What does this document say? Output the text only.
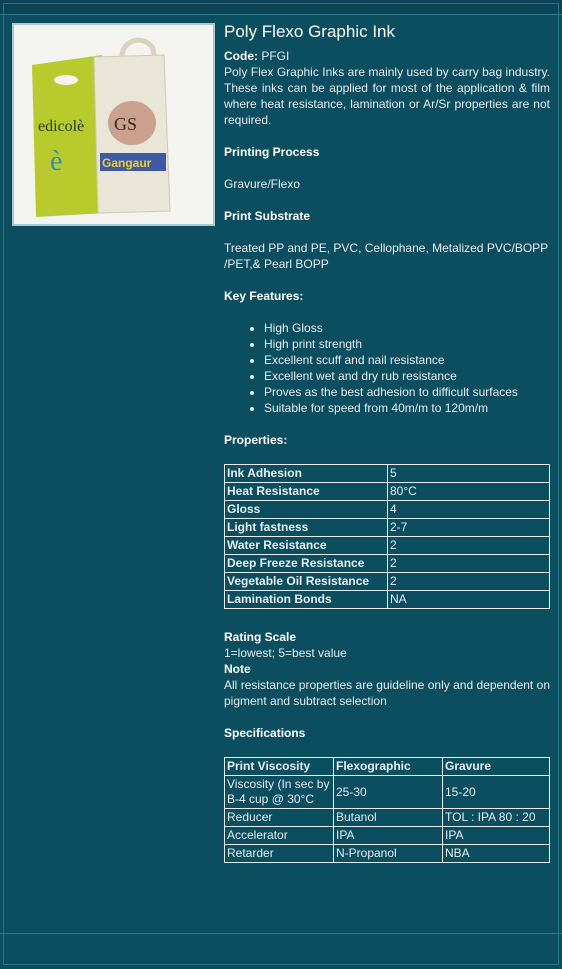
edicolè
è
GS
Gangaur
Poly Flexo Graphic Ink
Code: PFGI

Poly Flex Graphic Inks are mainly used by carry bag industry. These inks can be applied for most of the application & film where heat resistance, lamination or Ar/Sr properties are not required.

Printing Process
Gravure/Flexo
Print Substrate
Treated PP and PE, PVC, Cellophane, Metalized PVC/BOPP /PET,& Pearl BOPP
Key Features:
• High Gloss
• High print strength
• Excellent scuff and nail resistance
• Excellent wet and dry rub resistance
• Proves as the best adhesion to difficult surfaces
• Suitable for speed from 40m/m to 120m/m
Properties:
Ink Adhesion	5
Heat Resistance	80°C
Gloss	4
Light fastness	2-7
Water Resistance	2
Deep Freeze Resistance	2
Vegetable Oil Resistance	2
Lamination Bonds	NA
Rating Scale
1=lowest; 5=best value
Note

All resistance properties are guideline only and dependent on pigment and subtract selection

Specifications
Print Viscosity	Flexographic	Gravure
Viscosity (In sec by B-4 cup @ 30°C	25-30	15-20
Reducer	Butanol	TOL : IPA 80 : 20
Accelerator	IPA	IPA
Retarder	N-Propanol	NBA
